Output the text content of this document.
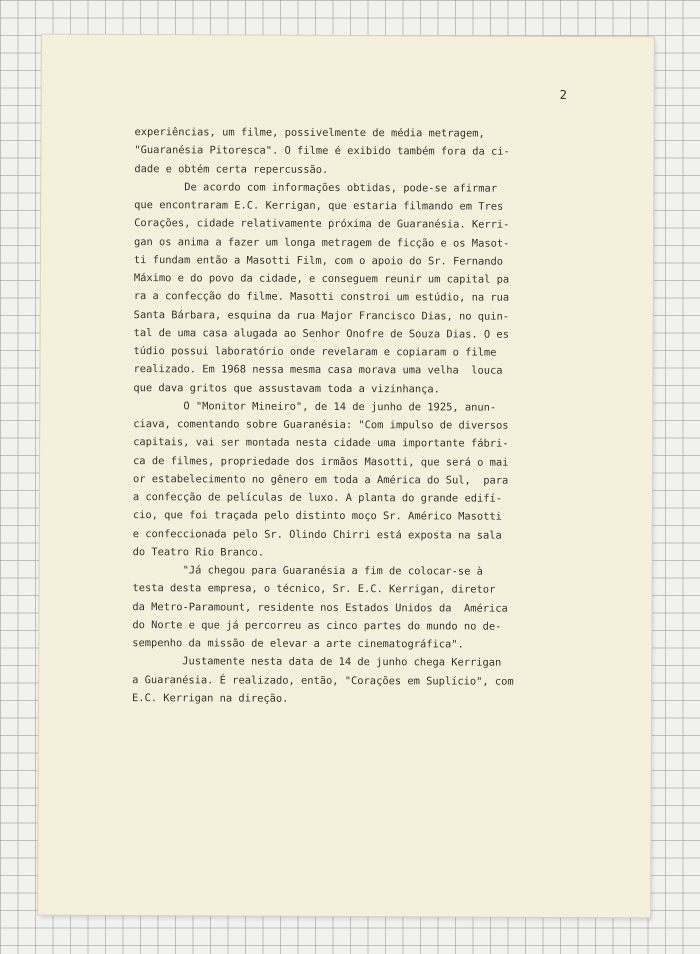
2

experiências, um filme, possivelmente de média metragem,
"Guaranésia Pitoresca". O filme é exibido também fora da ci-
dade e obtém certa repercussão.
De acordo com informações obtidas, pode-se afirmar
que encontraram E.C. Kerrigan, que estaria filmando em Tres
Corações, cidade relativamente próxima de Guaranésia. Kerri-
gan os anima a fazer um longa metragem de ficção e os Masot-
ti fundam então a Masotti Film, com o apoio do Sr. Fernando
Máximo e do povo da cidade, e conseguem reunir um capital pa
ra a confecção do filme. Masotti constroi um estúdio, na rua
Santa Bárbara, esquina da rua Major Francisco Dias, no quin-
tal de uma casa alugada ao Senhor Onofre de Souza Dias. O es
túdio possui laboratório onde revelaram e copiaram o filme
realizado. Em 1968 nessa mesma casa morava uma velha  louca
que dava gritos que assustavam toda a vizinhança.
O "Monitor Mineiro", de 14 de junho de 1925, anun-
ciava, comentando sobre Guaranésia: "Com impulso de diversos
capitais, vai ser montada nesta cidade uma importante fábri-
ca de filmes, propriedade dos irmãos Masotti, que será o mai
or estabelecimento no gênero em toda a América do Sul,  para
a confecção de películas de luxo. A planta do grande edifí-
cio, que foi traçada pelo distinto moço Sr. Américo Masotti
e confeccionada pelo Sr. Olindo Chirri está exposta na sala
do Teatro Rio Branco.
"Já chegou para Guaranésia a fim de colocar-se à
testa desta empresa, o técnico, Sr. E.C. Kerrigan, diretor
da Metro-Paramount, residente nos Estados Unidos da  América
do Norte e que já percorreu as cinco partes do mundo no de-
sempenho da missão de elevar a arte cinematográfica".
Justamente nesta data de 14 de junho chega Kerrigan
a Guaranésia. É realizado, então, "Corações em Suplício", com
E.C. Kerrigan na direção.
